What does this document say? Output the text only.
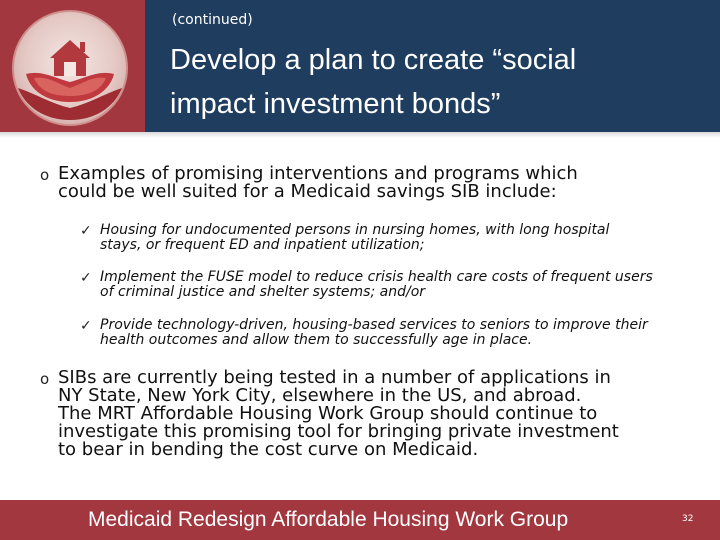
(continued)
Develop a plan to create “social
impact investment bonds”
o Examples of promising interventions and programs which
could be well suited for a Medicaid savings SIB include:
✓ Housing for undocumented persons in nursing homes, with long hospital
stays, or frequent ED and inpatient utilization;
✓ Implement the FUSE model to reduce crisis health care costs of frequent users
of criminal justice and shelter systems; and/or
✓ Provide technology-driven, housing-based services to seniors to improve their
health outcomes and allow them to successfully age in place.
o SIBs are currently being tested in a number of applications in
NY State, New York City, elsewhere in the US, and abroad.
The MRT Affordable Housing Work Group should continue to
investigate this promising tool for bringing private investment
to bear in bending the cost curve on Medicaid.
Medicaid Redesign Affordable Housing Work Group	32
